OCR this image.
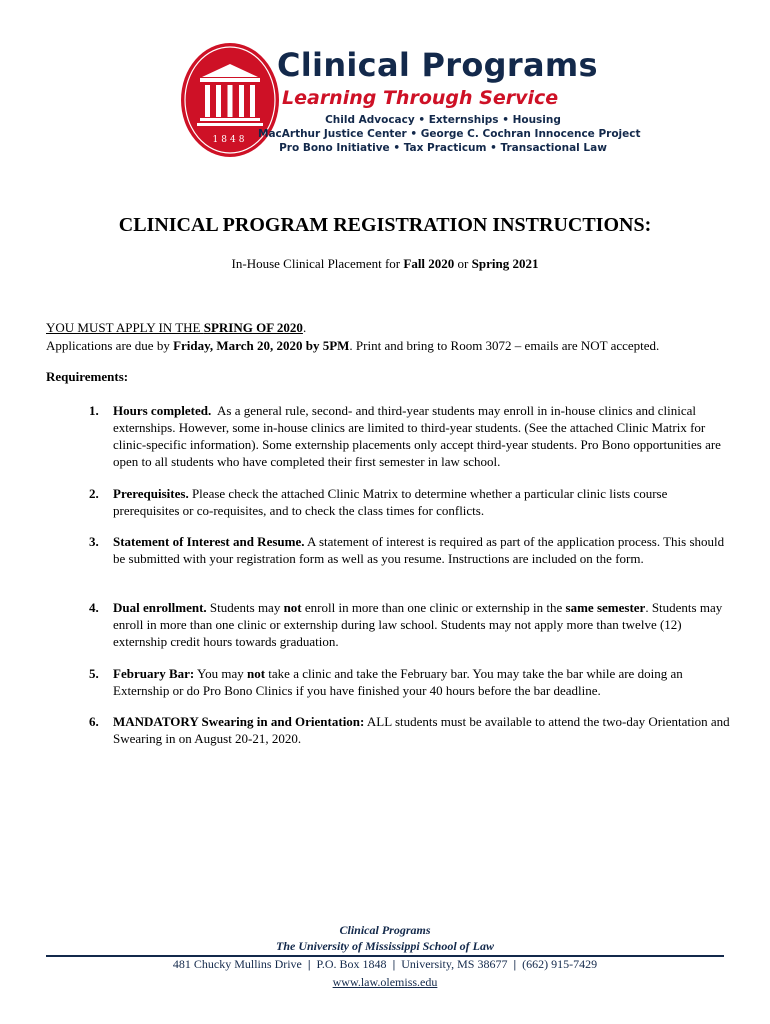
1848
Clinical Programs
Learning Through Service
Child Advocacy • Externships • Housing
MacArthur Justice Center • George C. Cochran Innocence Project
Pro Bono Initiative • Tax Practicum • Transactional Law
CLINICAL PROGRAM REGISTRATION INSTRUCTIONS:
In-House Clinical Placement for Fall 2020 or Spring 2021
YOU MUST APPLY IN THE SPRING OF 2020.
Applications are due by Friday, March 20, 2020 by 5PM. Print and bring to Room 3072 – emails are NOT accepted.
Requirements:
1. Hours completed.  As a general rule, second- and third-year students may enroll in in-house clinics and clinical externships. However, some in-house clinics are limited to third-year students. (See the attached Clinic Matrix for clinic-specific information). Some externship placements only accept third-year students. Pro Bono opportunities are open to all students who have completed their first semester in law school.
2. Prerequisites. Please check the attached Clinic Matrix to determine whether a particular clinic lists course prerequisites or co-requisites, and to check the class times for conflicts.
3. Statement of Interest and Resume. A statement of interest is required as part of the application process. This should be submitted with your registration form as well as you resume. Instructions are included on the form.
4. Dual enrollment. Students may not enroll in more than one clinic or externship in the same semester. Students may enroll in more than one clinic or externship during law school. Students may not apply more than twelve (12) externship credit hours towards graduation.
5. February Bar: You may not take a clinic and take the February bar. You may take the bar while are doing an Externship or do Pro Bono Clinics if you have finished your 40 hours before the bar deadline.
6. MANDATORY Swearing in and Orientation: ALL students must be available to attend the two-day Orientation and Swearing in on August 20-21, 2020.
Clinical Programs
The University of Mississippi School of Law
481 Chucky Mullins Drive | P.O. Box 1848 | University, MS 38677 | (662) 915-7429
www.law.olemiss.edu
